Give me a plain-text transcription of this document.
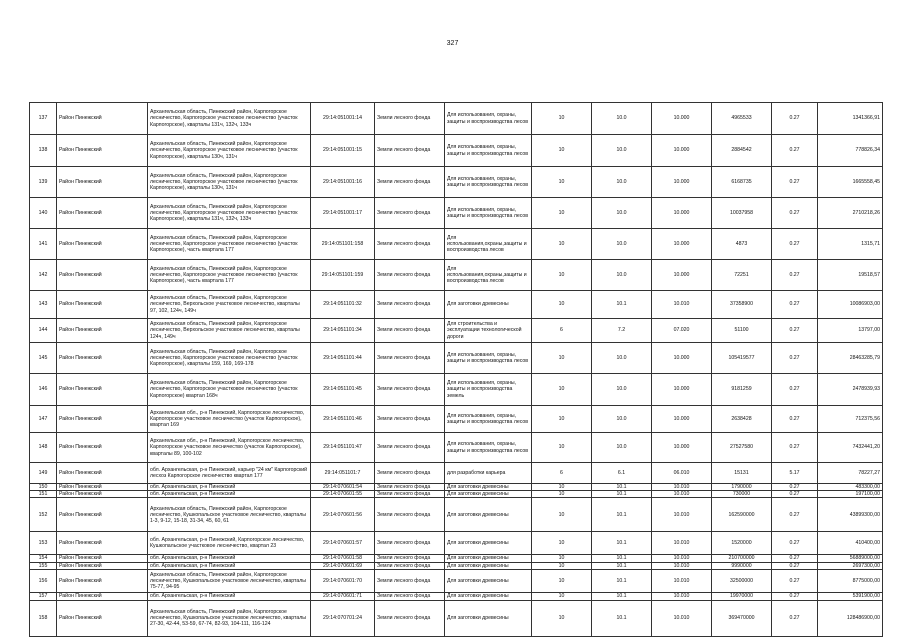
327
137	Район Пинежский	Архангельская область, Пинежский район, Карпогорское лесничество, Карпогорское участковое лесничество (участок Карпогорское), кварталы 131ч, 132ч, 133ч	29:14:051001:14	Земли лесного фонда	Для использования, охраны, защиты и воспроизводства лесов	10	10.0	10.000	4965533	0.27	1341366,91
138	Район Пинежский	Архангельская область, Пинежский район, Карпогорское лесничество, Карпогорское участковое лесничество (участок Карпогорское), кварталы 130ч, 131ч	29:14:051001:15	Земли лесного фонда	Для использования, охраны, защиты и воспроизводства лесов	10	10.0	10.000	2884542	0.27	778826,34
139	Район Пинежский	Архангельская область, Пинежский район, Карпогорское лесничество, Карпогорское участковое лесничество (участок Карпогорское), кварталы 130ч, 131ч	29:14:051001:16	Земли лесного фонда	Для использования, охраны, защиты и воспроизводства лесов	10	10.0	10.000	6168735	0.27	1665558,45
140	Район Пинежский	Архангельская область, Пинежский район, Карпогорское лесничество, Карпогорское участковое лесничество (участок Карпогорское), кварталы 131ч, 132ч, 133ч	29:14:051001:17	Земли лесного фонда	Для использования, охраны, защиты и воспроизводства лесов	10	10.0	10.000	10037958	0.27	2710218,26
141	Район Пинежский	Архангельская область, Пинежский район, Карпогорское лесничество, Карпогорское участковое лесничество (участок Карпогорское), часть квартала 177	29:14:051101:158	Земли лесного фонда	Для использования,охраны,защиты и воспроизводства лесов	10	10.0	10.000	4873	0.27	1315,71
142	Район Пинежский	Архангельская область, Пинежский район, Карпогорское лесничество, Карпогорское участковое лесничество (участок Карпогорское), часть квартала 177	29:14:051101:159	Земли лесного фонда	Для использования,охраны,защиты и воспроизводства лесов	10	10.0	10.000	72251	0.27	19518,57
143	Район Пинежский	Архангельская область, Пинежский район, Карпогорское лесничество, Верхольское участковое лесничество, кварталы 97, 102, 124ч, 149ч	29:14:051101:32	Земли лесного фонда	Для заготовки древесины	10	10.1	10.010	37358900	0.27	10086903,00
144	Район Пинежский	Архангельская область, Пинежский район, Карпогорское лесничество, Верхольское участковое лесничество, кварталы 124ч, 149ч	29:14:051101:34	Земли лесного фонда	Для строительства и эксплуатации технологической дороги	6	7.2	07.020	51100	0.27	13797,00
145	Район Пинежский	Архангельская область, Пинежский район, Карпогорское лесничество, Карпогорское участковое лесничество (участок Карпогорское), кварталы 159, 169, 169-178	29:14:051101:44	Земли лесного фонда	Для использования, охраны, защиты и воспроизводства лесов	10	10.0	10.000	105419577	0.27	28463285,79
146	Район Пинежский	Архангельская область, Пинежский район, Карпогорское лесничество, Карпогорское участковое лесничество (участок Карпогорское) квартал 168ч	29:14:051101:45	Земли лесного фонда	Для использования, охраны, защиты и воспроизводства земель	10	10.0	10.000	9181259	0.27	2478939,93
147	Район Пинежский	Архангельская обл., р-н Пинежский, Карпогорское лесничество, Карпогорское участковое лесничество (участок Карпогорское), квартал 169	29:14:051101:46	Земли лесного фонда	Для использования, охраны, защиты и воспроизводства лесов	10	10.0	10.000	2638428	0.27	712375,56
148	Район Пинежский	Архангельская обл., р-н Пинежский, Карпогорское лесничество, Карпогорское участковое лесничество (участок Карпогорское), кварталы 89, 100-102	29:14:051101:47	Земли лесного фонда	Для использования, охраны, защиты и воспроизводства лесов	10	10.0	10.000	27527580	0.27	7432441,20
149	Район Пинежский	обл. Архангельская, р-н Пинежский, карьер "24 км" Карпогорский лесхоз Карпогорское лесничество квартал 177	29:14:051101:7	Земли лесного фонда	для разработки карьера	6	6.1	06.010	15131	5.17	78227,27
150	Район Пинежский	обл. Архангельская, р-н Пинежский	29:14:070601:54	Земли лесного фонда	Для заготовки древесины	10	10.1	10.010	1790000	0.27	483300,00
151	Район Пинежский	обл. Архангельская, р-н Пинежский	29:14:070601:55	Земли лесного фонда	Для заготовки древесины	10	10.1	10.010	730000	0.27	197100,00
152	Район Пинежский	Архангельская область, Пинежский район, Карпогорское лесничество, Кушкопальское участковое лесничество, кварталы 1-3, 9-12, 15-18, 31-34, 45, 60, 61	29:14:070601:56	Земли лесного фонда	Для заготовки древесины	10	10.1	10.010	162590000	0.27	43899300,00
153	Район Пинежский	обл. Архангельская, р-н Пинежский, Карпогорское лесничество, Кушкопальское участковое лесничество, квартал 23	29:14:070601:57	Земли лесного фонда	Для заготовки древесины	10	10.1	10.010	1520000	0.27	410400,00
154	Район Пинежский	обл. Архангельская, р-н Пинежский	29:14:070601:58	Земли лесного фонда	Для заготовки древесины	10	10.1	10.010	210700000	0.27	56889000,00
155	Район Пинежский	обл. Архангельская, р-н Пинежский	29:14:070601:69	Земли лесного фонда	Для заготовки древесины	10	10.1	10.010	9990000	0.27	2697300,00
156	Район Пинежский	Архангельская область, Пинежский район, Карпогорское лесничество, Кушкопальское участковое лесничество, кварталы 75-77, 94-95	29:14:070601:70	Земли лесного фонда	Для заготовки древесины	10	10.1	10.010	32500000	0.27	8775000,00
157	Район Пинежский	обл. Архангельская, р-н Пинежский	29:14:070601:71	Земли лесного фонда	Для заготовки древесины	10	10.1	10.010	19970000	0.27	5391900,00
158	Район Пинежский	Архангельская область, Пинежский район, Карпогорское лесничество, Кушкопальское участковое лесничество, кварталы 27-30, 42-44, 53-59, 67-74, 82-93, 104-111, 116-124	29:14:070701:24	Земли лесного фонда	Для заготовки древесины	10	10.1	10.010	369470000	0.27	128486900,00
